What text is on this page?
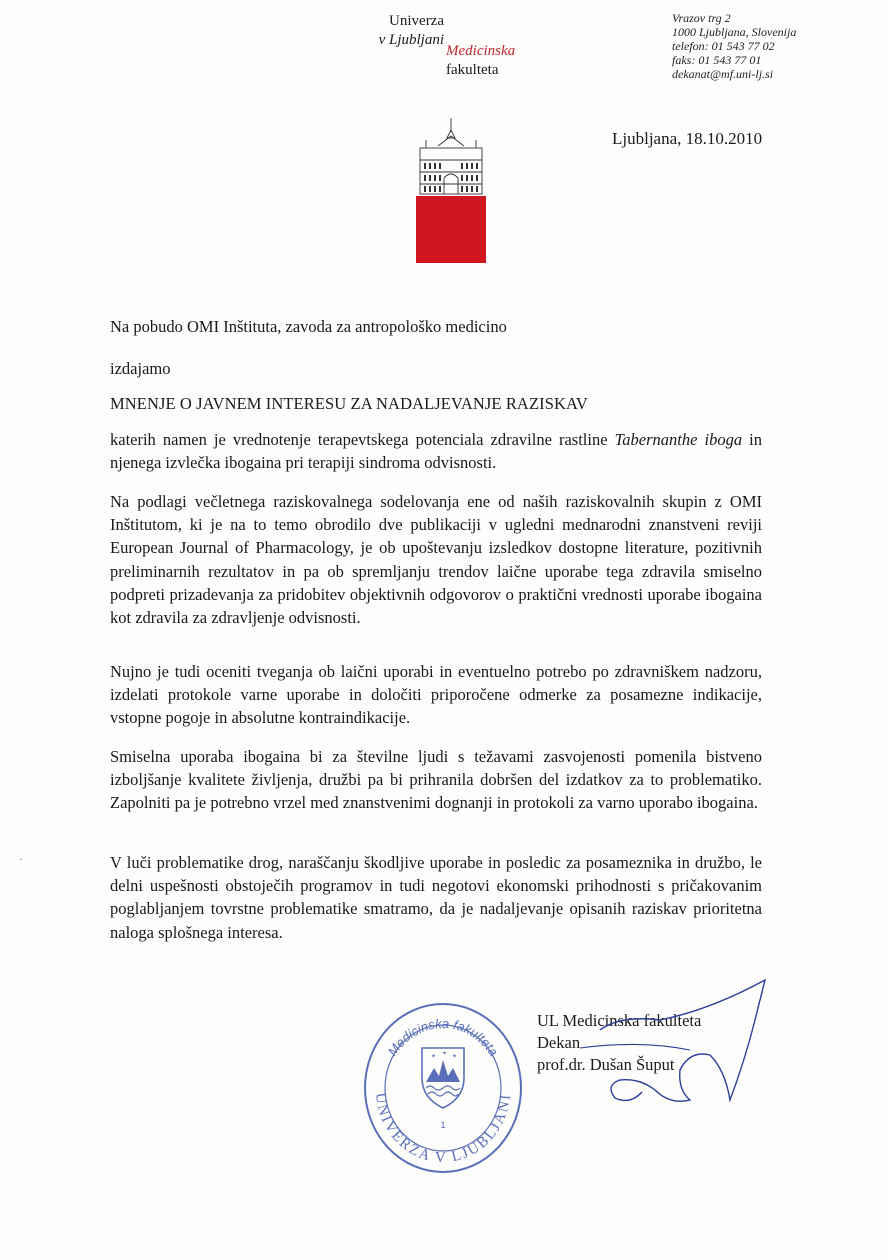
Univerza
v Ljubljani
Medicinska
fakulteta
Vrazov trg 2
1000 Ljubljana, Slovenija
telefon: 01 543 77 02
faks: 01 543 77 01
dekanat@mf.uni-lj.si
Ljubljana, 18.10.2010
Na pobudo OMI Inštituta, zavoda za antropološko medicino
izdajamo
MNENJE O JAVNEM INTERESU ZA NADALJEVANJE RAZISKAV
katerih namen je vrednotenje terapevtskega potenciala zdravilne rastline Tabernanthe iboga in njenega izvlečka ibogaina pri terapiji sindroma odvisnosti.
Na podlagi večletnega raziskovalnega sodelovanja ene od naših raziskovalnih skupin z OMI Inštitutom, ki je na to temo obrodilo dve publikaciji v ugledni mednarodni znanstveni reviji European Journal of Pharmacology, je ob upoštevanju izsledkov dostopne literature, pozitivnih preliminarnih rezultatov in pa ob spremljanju trendov laične uporabe tega zdravila smiselno podpreti prizadevanja za pridobitev objektivnih odgovorov o praktični vrednosti uporabe ibogaina kot zdravila za zdravljenje odvisnosti.
Nujno je tudi oceniti tveganja ob laični uporabi in eventuelno potrebo po zdravniškem nadzoru, izdelati protokole varne uporabe in določiti priporočene odmerke za posamezne indikacije, vstopne pogoje in absolutne kontraindikacije.
Smiselna uporaba ibogaina bi za številne ljudi s težavami zasvojenosti pomenila bistveno izboljšanje kvalitete življenja, družbi pa bi prihranila dobršen del izdatkov za to problematiko. Zapolniti pa je potrebno vrzel med znanstvenimi dognanji in protokoli za varno uporabo ibogaina.
V luči problematike drog, naraščanju škodljive uporabe in posledic za posameznika in družbo, le delni uspešnosti obstoječih programov in tudi negotovi ekonomski prihodnosti s pričakovanim poglabljanjem tovrstne problematike smatramo, da je nadaljevanje opisanih raziskav prioritetna naloga splošnega interesa.
·
Medicinska fakulteta
UNIVERZA V LJUBLJANI
✦ ✦ ✦
1
UL Medicinska fakulteta
Dekan
prof.dr. Dušan Šuput
